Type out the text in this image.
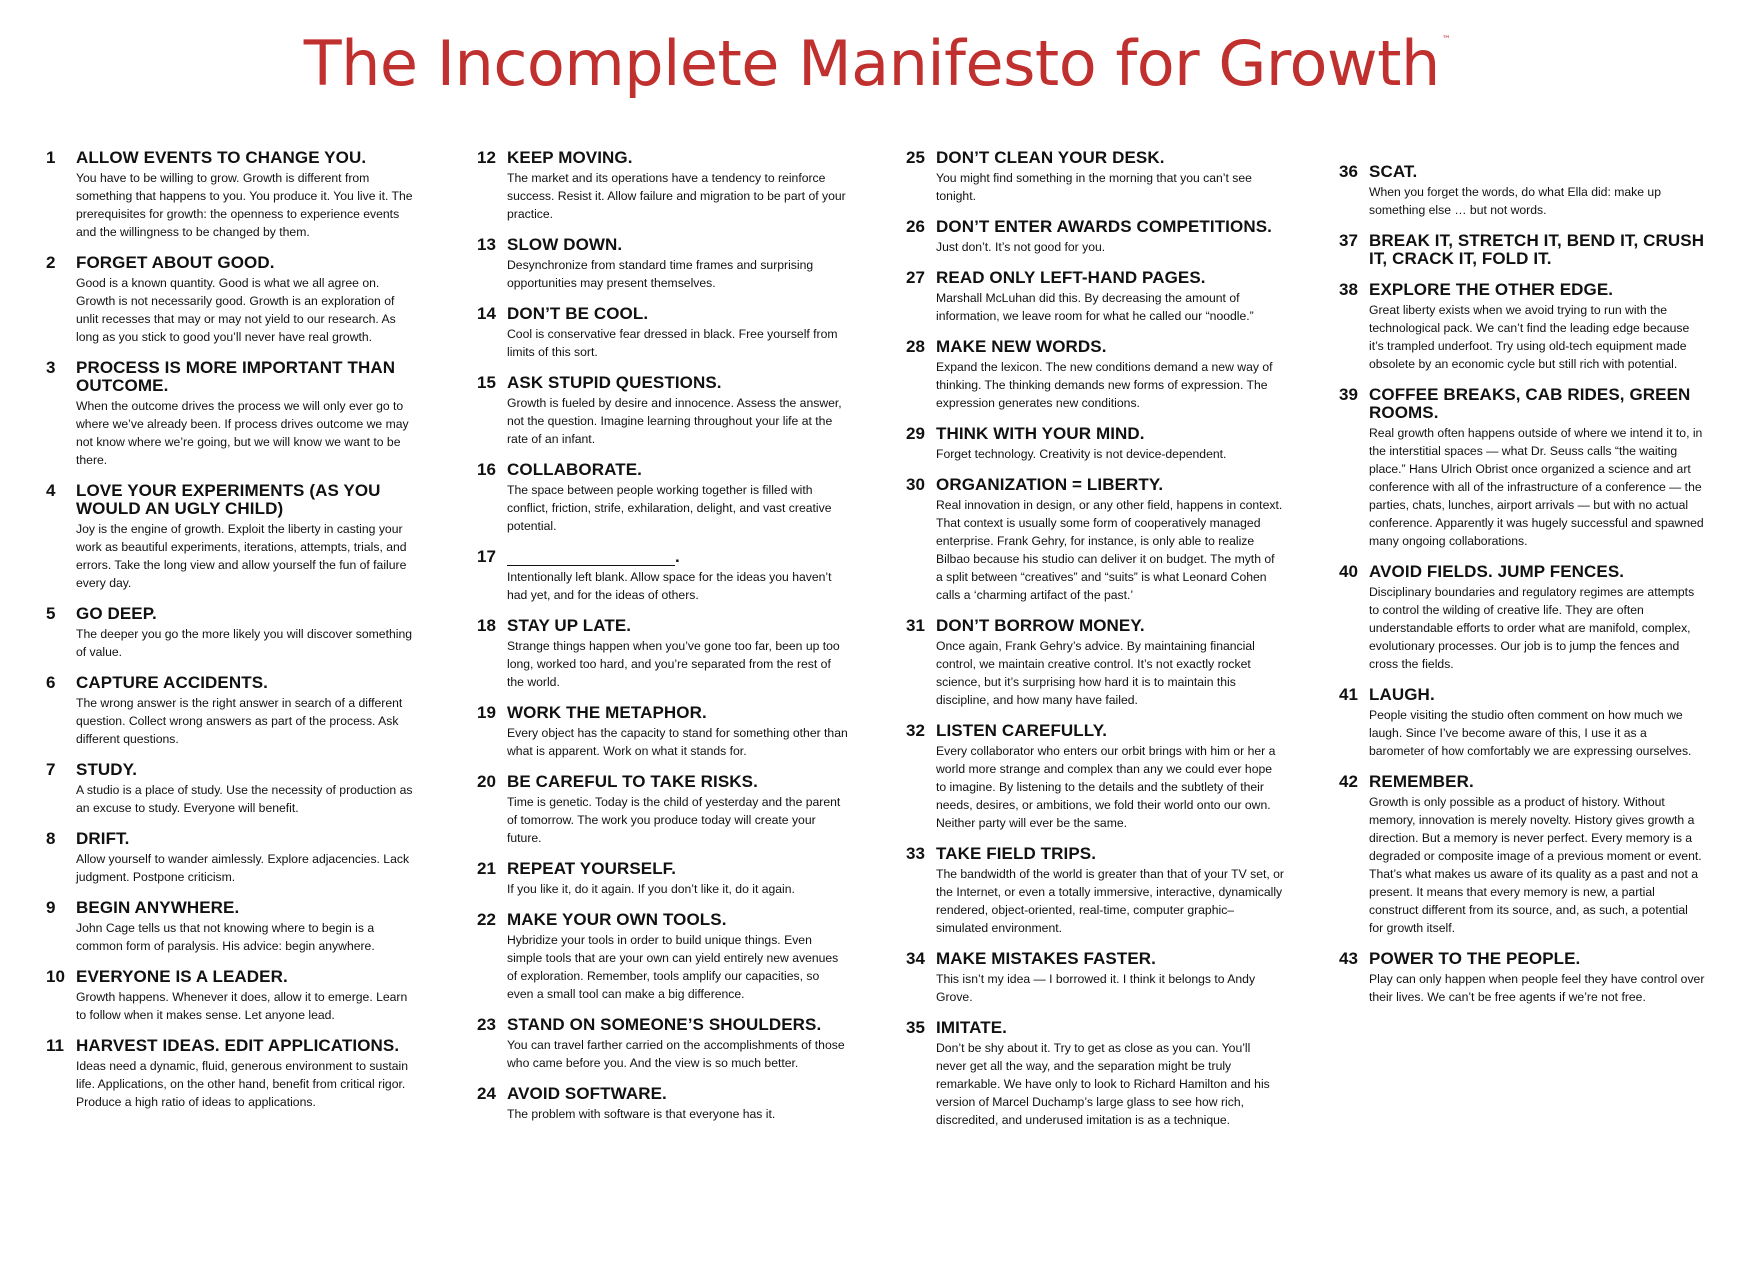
The Incomplete Manifesto for Growth ™
1	ALLOW EVENTS TO CHANGE YOU.
You have to be willing to grow. Growth is different from something that happens to you. You produce it. You live it. The prerequisites for growth: the openness to experience events and the willingness to be changed by them.
2	FORGET ABOUT GOOD.
Good is a known quantity. Good is what we all agree on. Growth is not necessarily good. Growth is an exploration of unlit recesses that may or may not yield to our research. As long as you stick to good you’ll never have real growth.
3	PROCESS IS MORE IMPORTANT THAN OUTCOME.
When the outcome drives the process we will only ever go to where we’ve already been. If process drives outcome we may not know where we’re going, but we will know we want to be there.
4	LOVE YOUR EXPERIMENTS (AS YOU WOULD AN UGLY CHILD)
Joy is the engine of growth. Exploit the liberty in casting your work as beautiful experiments, iterations, attempts, trials, and errors. Take the long view and allow yourself the fun of failure every day.
5	GO DEEP.
The deeper you go the more likely you will discover something of value.
6	CAPTURE ACCIDENTS.
The wrong answer is the right answer in search of a different question. Collect wrong answers as part of the process. Ask different questions.
7	STUDY.
A studio is a place of study. Use the necessity of production as an excuse to study. Everyone will benefit.
8	DRIFT.
Allow yourself to wander aimlessly. Explore adjacencies. Lack judgment. Postpone criticism.
9	BEGIN ANYWHERE.
John Cage tells us that not knowing where to begin is a common form of paralysis. His advice: begin anywhere.
10 EVERYONE IS A LEADER.
Growth happens. Whenever it does, allow it to emerge. Learn to follow when it makes sense. Let anyone lead.
11 HARVEST IDEAS. EDIT APPLICATIONS.
Ideas need a dynamic, fluid, generous environment to sustain life. Applications, on the other hand, benefit from critical rigor. Produce a high ratio of ideas to applications.
12 KEEP MOVING.
The market and its operations have a tendency to reinforce success. Resist it. Allow failure and migration to be part of your practice.
13 SLOW DOWN.
Desynchronize from standard time frames and surprising opportunities may present themselves.
14 DON’T BE COOL.
Cool is conservative fear dressed in black. Free yourself from limits of this sort.
15 ASK STUPID QUESTIONS.
Growth is fueled by desire and innocence. Assess the answer, not the question. Imagine learning throughout your life at the rate of an infant.
16 COLLABORATE.
The space between people working together is filled with conflict, friction, strife, exhilaration, delight, and vast creative potential.
17	.
Intentionally left blank. Allow space for the ideas you haven’t had yet, and for the ideas of others.
18 STAY UP LATE.
Strange things happen when you’ve gone too far, been up too long, worked too hard, and you’re separated from the rest of the world.
19 WORK THE METAPHOR.
Every object has the capacity to stand for something other than what is apparent. Work on what it stands for.
20 BE CAREFUL TO TAKE RISKS.
Time is genetic. Today is the child of yesterday and the parent of tomorrow. The work you produce today will create your future.
21 REPEAT YOURSELF.
If you like it, do it again. If you don’t like it, do it again.
22 MAKE YOUR OWN TOOLS.
Hybridize your tools in order to build unique things. Even simple tools that are your own can yield entirely new avenues of exploration. Remember, tools amplify our capacities, so even a small tool can make a big difference.
23 STAND ON SOMEONE’S SHOULDERS.
You can travel farther carried on the accomplishments of those who came before you. And the view is so much better.
24 AVOID SOFTWARE.
The problem with software is that everyone has it.
25 DON’T CLEAN YOUR DESK.
You might find something in the morning that you can’t see tonight.
26 DON’T ENTER AWARDS COMPETITIONS.
Just don’t. It’s not good for you.
27 READ ONLY LEFT-HAND PAGES.
Marshall McLuhan did this. By decreasing the amount of information, we leave room for what he called our “noodle.”
28 MAKE NEW WORDS.
Expand the lexicon. The new conditions demand a new way of thinking. The thinking demands new forms of expression. The expression generates new conditions.
29 THINK WITH YOUR MIND.
Forget technology. Creativity is not device-dependent.
30 ORGANIZATION = LIBERTY.
Real innovation in design, or any other field, happens in context. That context is usually some form of cooperatively managed enterprise. Frank Gehry, for instance, is only able to realize Bilbao because his studio can deliver it on budget. The myth of a split between “creatives” and “suits” is what Leonard Cohen calls a ‘charming artifact of the past.’
31 DON’T BORROW MONEY.
Once again, Frank Gehry’s advice. By maintaining financial control, we maintain creative control. It’s not exactly rocket science, but it’s surprising how hard it is to maintain this discipline, and how many have failed.
32 LISTEN CAREFULLY.
Every collaborator who enters our orbit brings with him or her a world more strange and complex than any we could ever hope to imagine. By listening to the details and the subtlety of their needs, desires, or ambitions, we fold their world onto our own. Neither party will ever be the same.
33 TAKE FIELD TRIPS.
The bandwidth of the world is greater than that of your TV set, or the Internet, or even a totally immersive, interactive, dynamically rendered, object-oriented, real-time, computer graphic–simulated environment.
34 MAKE MISTAKES FASTER.
This isn’t my idea — I borrowed it. I think it belongs to Andy Grove.
35 IMITATE.
Don’t be shy about it. Try to get as close as you can. You’ll never get all the way, and the separation might be truly remarkable. We have only to look to Richard Hamilton and his version of Marcel Duchamp’s large glass to see how rich, discredited, and underused imitation is as a technique.
36 SCAT.
When you forget the words, do what Ella did: make up something else … but not words.
37 BREAK IT, STRETCH IT, BEND IT, CRUSH IT, CRACK IT, FOLD IT.
38 EXPLORE THE OTHER EDGE.
Great liberty exists when we avoid trying to run with the technological pack. We can’t find the leading edge because it’s trampled underfoot. Try using old-tech equipment made obsolete by an economic cycle but still rich with potential.
39 COFFEE BREAKS, CAB RIDES, GREEN ROOMS.
Real growth often happens outside of where we intend it to, in the interstitial spaces — what Dr. Seuss calls “the waiting place.” Hans Ulrich Obrist once organized a science and art conference with all of the infrastructure of a conference — the parties, chats, lunches, airport arrivals — but with no actual conference. Apparently it was hugely successful and spawned many ongoing collaborations.
40 AVOID FIELDS. JUMP FENCES.
Disciplinary boundaries and regulatory regimes are attempts to control the wilding of creative life. They are often understandable efforts to order what are manifold, complex, evolutionary processes. Our job is to jump the fences and cross the fields.
41 LAUGH.
People visiting the studio often comment on how much we laugh. Since I’ve become aware of this, I use it as a barometer of how comfortably we are expressing ourselves.
42 REMEMBER.
Growth is only possible as a product of history. Without memory, innovation is merely novelty. History gives growth a direction. But a memory is never perfect. Every memory is a degraded or composite image of a previous moment or event. That’s what makes us aware of its quality as a past and not a present. It means that every memory is new, a partial construct different from its source, and, as such, a potential for growth itself.
43 POWER TO THE PEOPLE.
Play can only happen when people feel they have control over their lives. We can’t be free agents if we’re not free.
